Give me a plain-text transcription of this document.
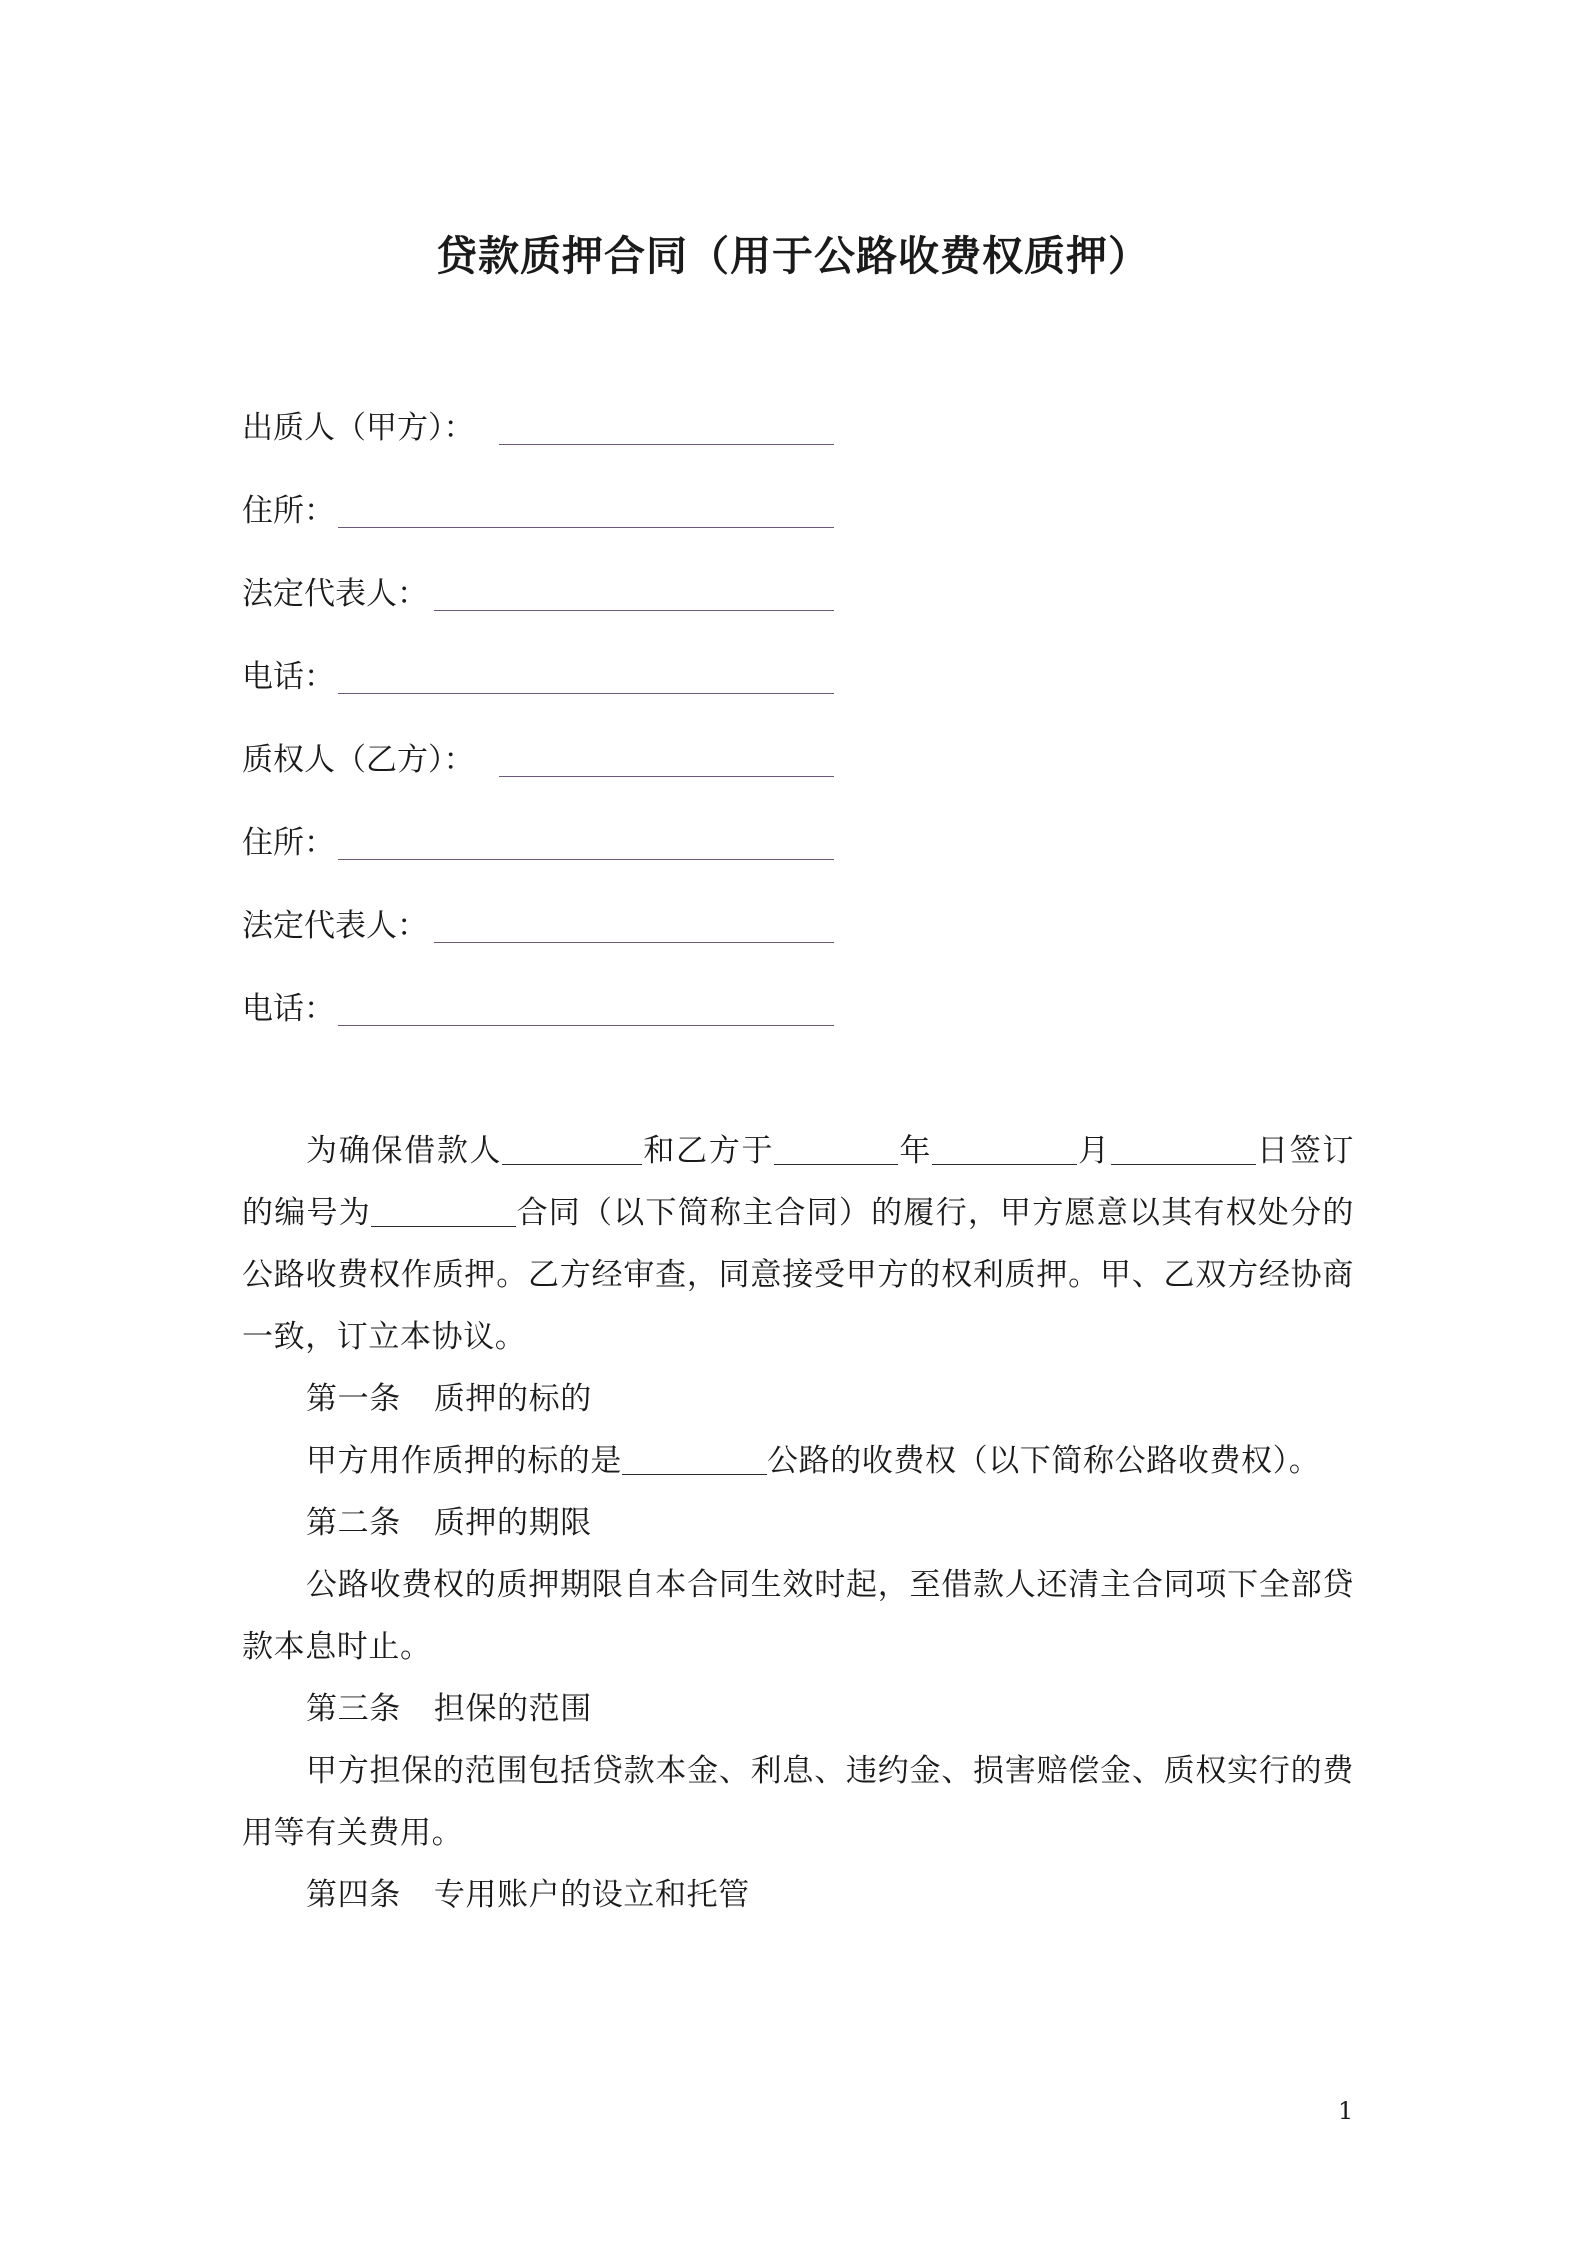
贷款质押合同（用于公路收费权质押）
出质人（甲方）：
住所：
法定代表人：
电话：
质权人（乙方）：
住所：
法定代表人：
电话：

为确保借款人	和乙方于	年	月	日签订的编号为	合同（以下简称主合同）的履行，甲方愿意以其有权处分的公路收费权作质押。乙方经审查，同意接受甲方的权利质押。甲、乙双方经协商一致，订立本协议。

第一条 质押的标的

甲方用作质押的标的是	公路的收费权（以下简称公路收费权）。

第二条 质押的期限

公路收费权的质押期限自本合同生效时起，至借款人还清主合同项下全部贷款本息时止。

第三条 担保的范围

甲方担保的范围包括贷款本金、利息、违约金、损害赔偿金、质权实行的费用等有关费用。

第四条 专用账户的设立和托管

1
